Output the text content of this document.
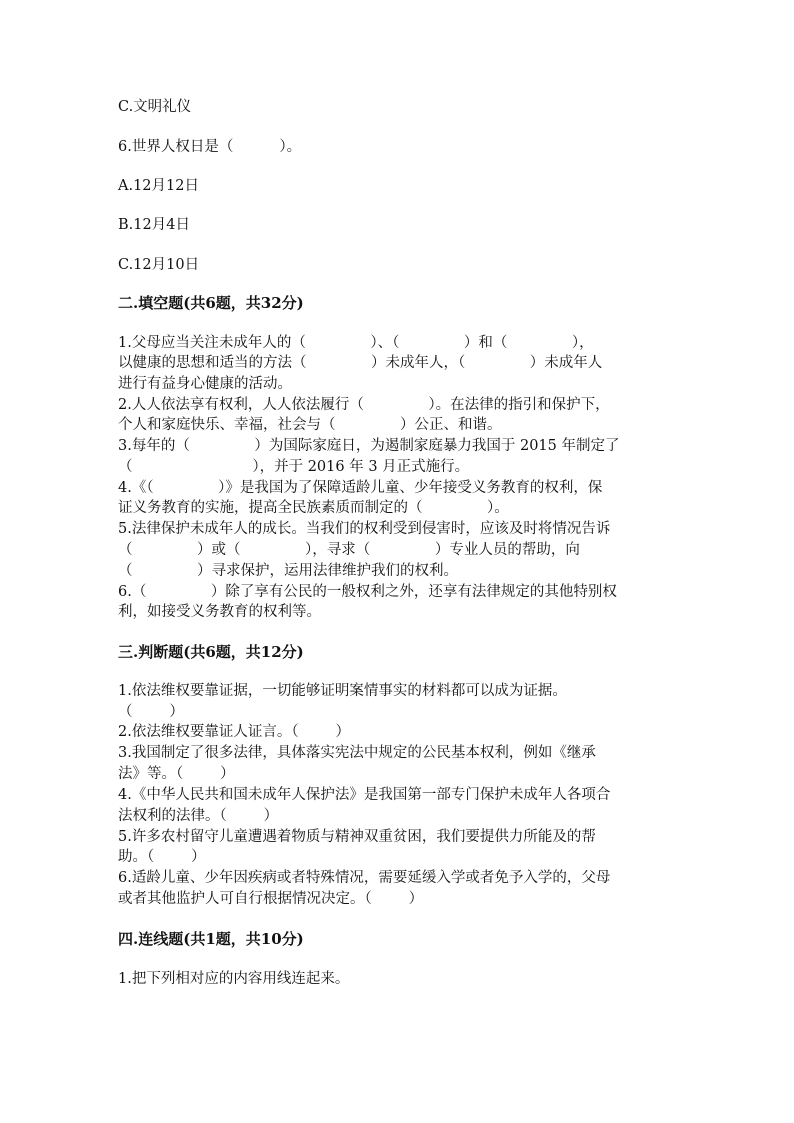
C.文明礼仪

6.世界人权日是（          ）。

A.12月12日

B.12月4日

C.12月10日

二.填空题(共6题，共32分)

1.父母应当关注未成年人的（              ）、（              ）和（              ），

以健康的思想和适当的方法（              ）未成年人，（              ）未成年人

进行有益身心健康的活动。

2.人人依法享有权利，人人依法履行（              ）。在法律的指引和保护下，

个人和家庭快乐、幸福，社会与（              ）公正、和谐。

3.每年的（              ）为国际家庭日，为遏制家庭暴力我国于 2015 年制定了

（                          ），并于 2016 年 3 月正式施行。

4.《（              ）》是我国为了保障适龄儿童、少年接受义务教育的权利，保

证义务教育的实施，提高全民族素质而制定的（              ）。

5.法律保护未成年人的成长。当我们的权利受到侵害时，应该及时将情况告诉

（              ）或（              ），寻求（              ）专业人员的帮助，向

（              ）寻求保护，运用法律维护我们的权利。

6.（              ）除了享有公民的一般权利之外，还享有法律规定的其他特别权

利，如接受义务教育的权利等。

三.判断题(共6题，共12分)

1.依法维权要靠证据，一切能够证明案情事实的材料都可以成为证据。

（        ）

2.依法维权要靠证人证言。（        ）

3.我国制定了很多法律，具体落实宪法中规定的公民基本权利，例如《继承

法》等。（        ）

4.《中华人民共和国未成年人保护法》是我国第一部专门保护未成年人各项合

法权利的法律。（        ）

5.许多农村留守儿童遭遇着物质与精神双重贫困，我们要提供力所能及的帮

助。（        ）

6.适龄儿童、少年因疾病或者特殊情况，需要延缓入学或者免予入学的，父母

或者其他监护人可自行根据情况决定。（        ）

四.连线题(共1题，共10分)

1.把下列相对应的内容用线连起来。
